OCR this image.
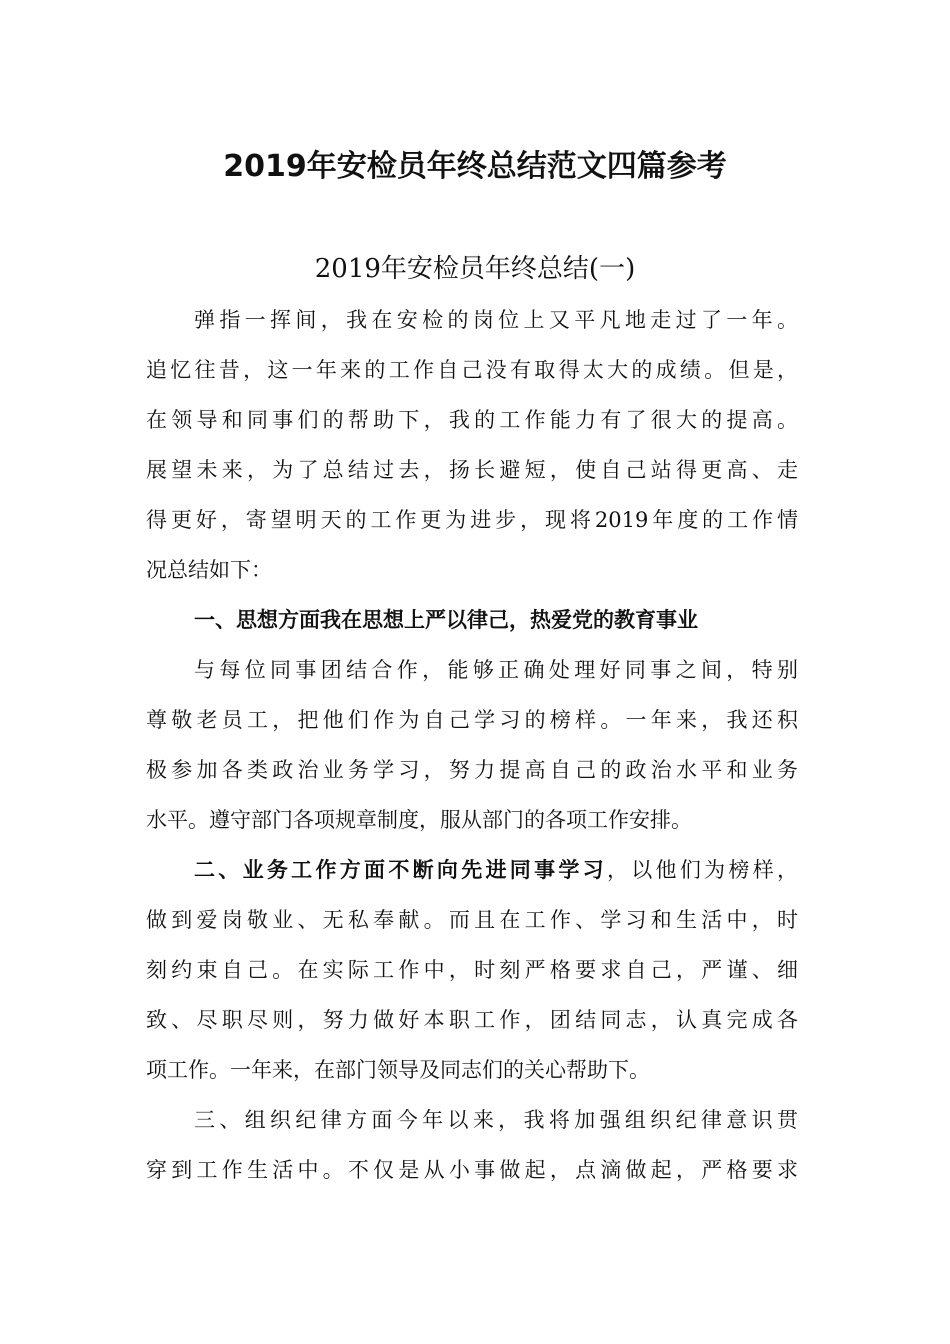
2019年安检员年终总结范文四篇参考
2019年安检员年终总结(一)
弹指一挥间，我在安检的岗位上又平凡地走过了一年。
追忆往昔，这一年来的工作自己没有取得太大的成绩。但是，
在领导和同事们的帮助下，我的工作能力有了很大的提高。
展望未来，为了总结过去，扬长避短，使自己站得更高、走
得更好，寄望明天的工作更为进步，现将2019年度的工作情
况总结如下：
一、思想方面我在思想上严以律己，热爱党的教育事业
与每位同事团结合作，能够正确处理好同事之间，特别
尊敬老员工，把他们作为自己学习的榜样。一年来，我还积
极参加各类政治业务学习，努力提高自己的政治水平和业务
水平。遵守部门各项规章制度，服从部门的各项工作安排。
二、业务工作方面不断向先进同事学习，以他们为榜样，
做到爱岗敬业、无私奉献。而且在工作、学习和生活中，时
刻约束自己。在实际工作中，时刻严格要求自己，严谨、细
致、尽职尽则，努力做好本职工作，团结同志，认真完成各
项工作。一年来，在部门领导及同志们的关心帮助下。
三、组织纪律方面今年以来，我将加强组织纪律意识贯
穿到工作生活中。不仅是从小事做起，点滴做起，严格要求
